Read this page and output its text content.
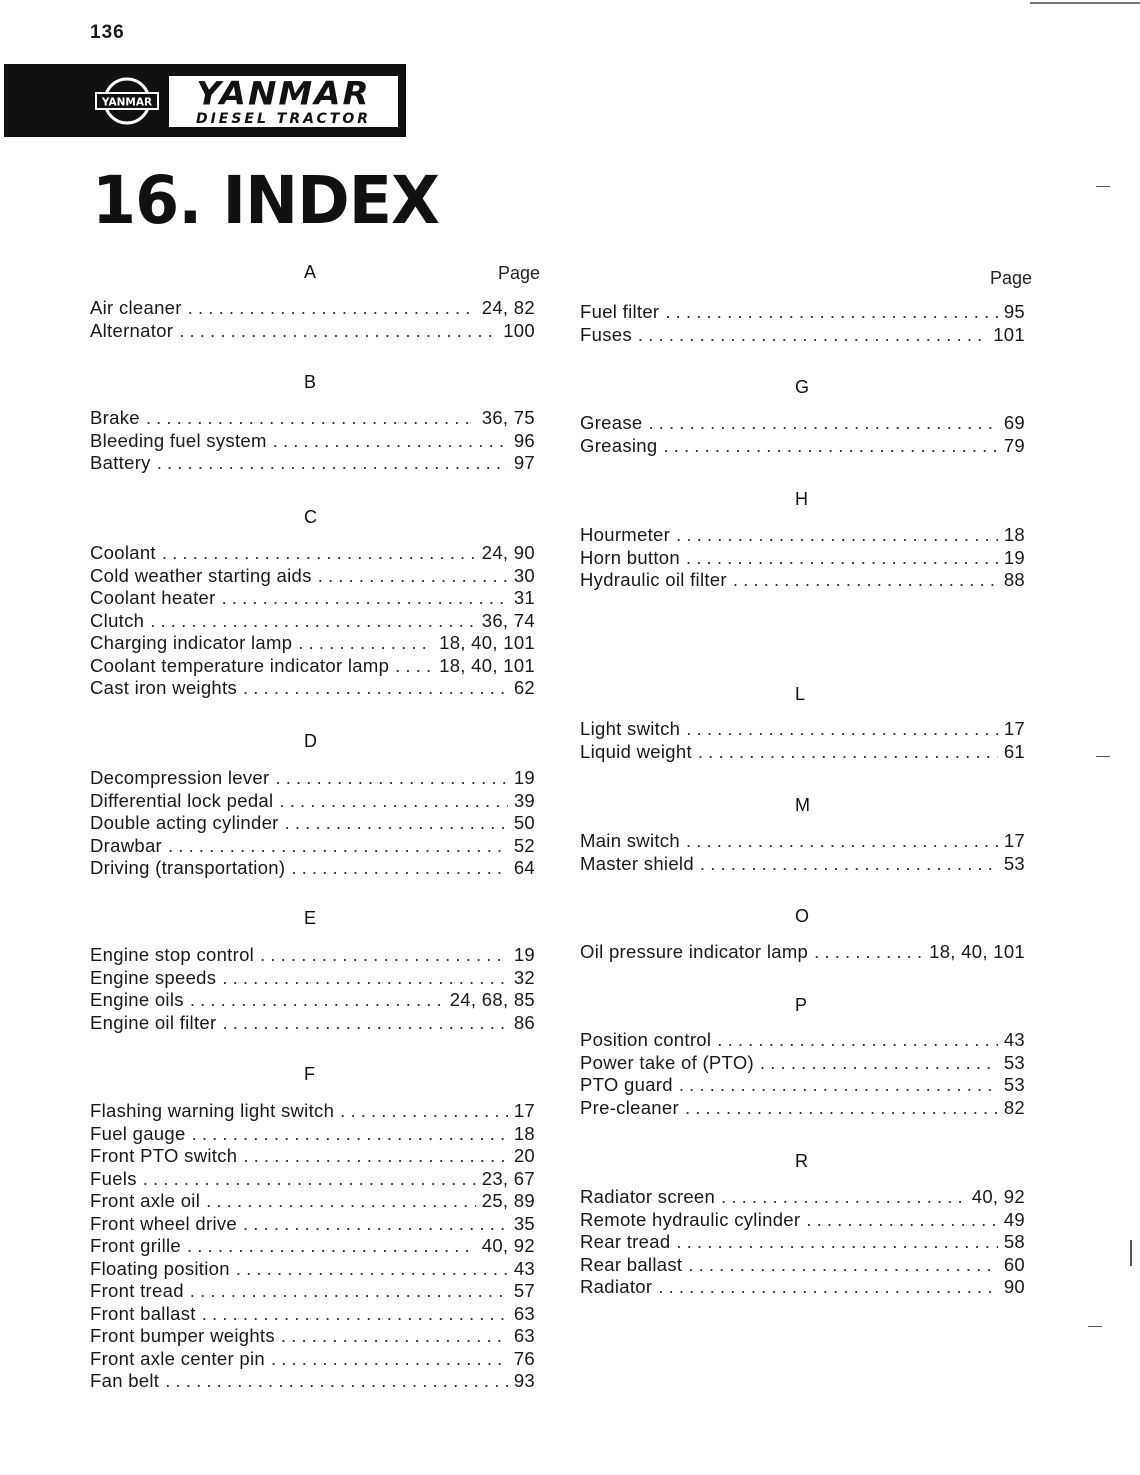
136
YANMAR	YANMAR
DIESEL TRACTOR
16. INDEX
Page	Page
A
Air cleaner . . .	24, 82
Alternator . . .	100
B
Brake . . .	36, 75
Bleeding fuel system . . .	96
Battery . . .	97
C
Coolant . . .	24, 90
Cold weather starting aids . . .	30
Coolant heater . . .	31
Clutch . . .	36, 74
Charging indicator lamp . . .	18, 40, 101
Coolant temperature indicator lamp . . .	18, 40, 101
Cast iron weights . . .	62
D
Decompression lever . . .	19
Differential lock pedal . . .	39
Double acting cylinder . . .	50
Drawbar . . .	52
Driving (transportation) . . .	64
E
Engine stop control . . .	19
Engine speeds . . .	32
Engine oils . . .	24, 68, 85
Engine oil filter . . .	86
F
Flashing warning light switch . . .	17
Fuel gauge . . .	18
Front PTO switch . . .	20
Fuels . . .	23, 67
Front axle oil . . .	25, 89
Front wheel drive . . .	35
Front grille . . .	40, 92
Floating position . . .	43
Front tread . . .	57
Front ballast . . .	63
Front bumper weights . . .	63
Front axle center pin . . .	76
Fan belt . . .	93
Fuel filter . . .	95
Fuses . . .	101
G
Grease . . .	69
Greasing . . .	79
H
Hourmeter . . .	18
Horn button . . .	19
Hydraulic oil filter . . .	88
L
Light switch . . .	17
Liquid weight . . .	61
M
Main switch . . .	17
Master shield . . .	53
O
Oil pressure indicator lamp . . .	18, 40, 101
P
Position control . . .	43
Power take of (PTO) . . .	53
PTO guard . . .	53
Pre-cleaner . . .	82
R
Radiator screen . . .	40, 92
Remote hydraulic cylinder . . .	49
Rear tread . . .	58
Rear ballast . . .	60
Radiator . . .	90
